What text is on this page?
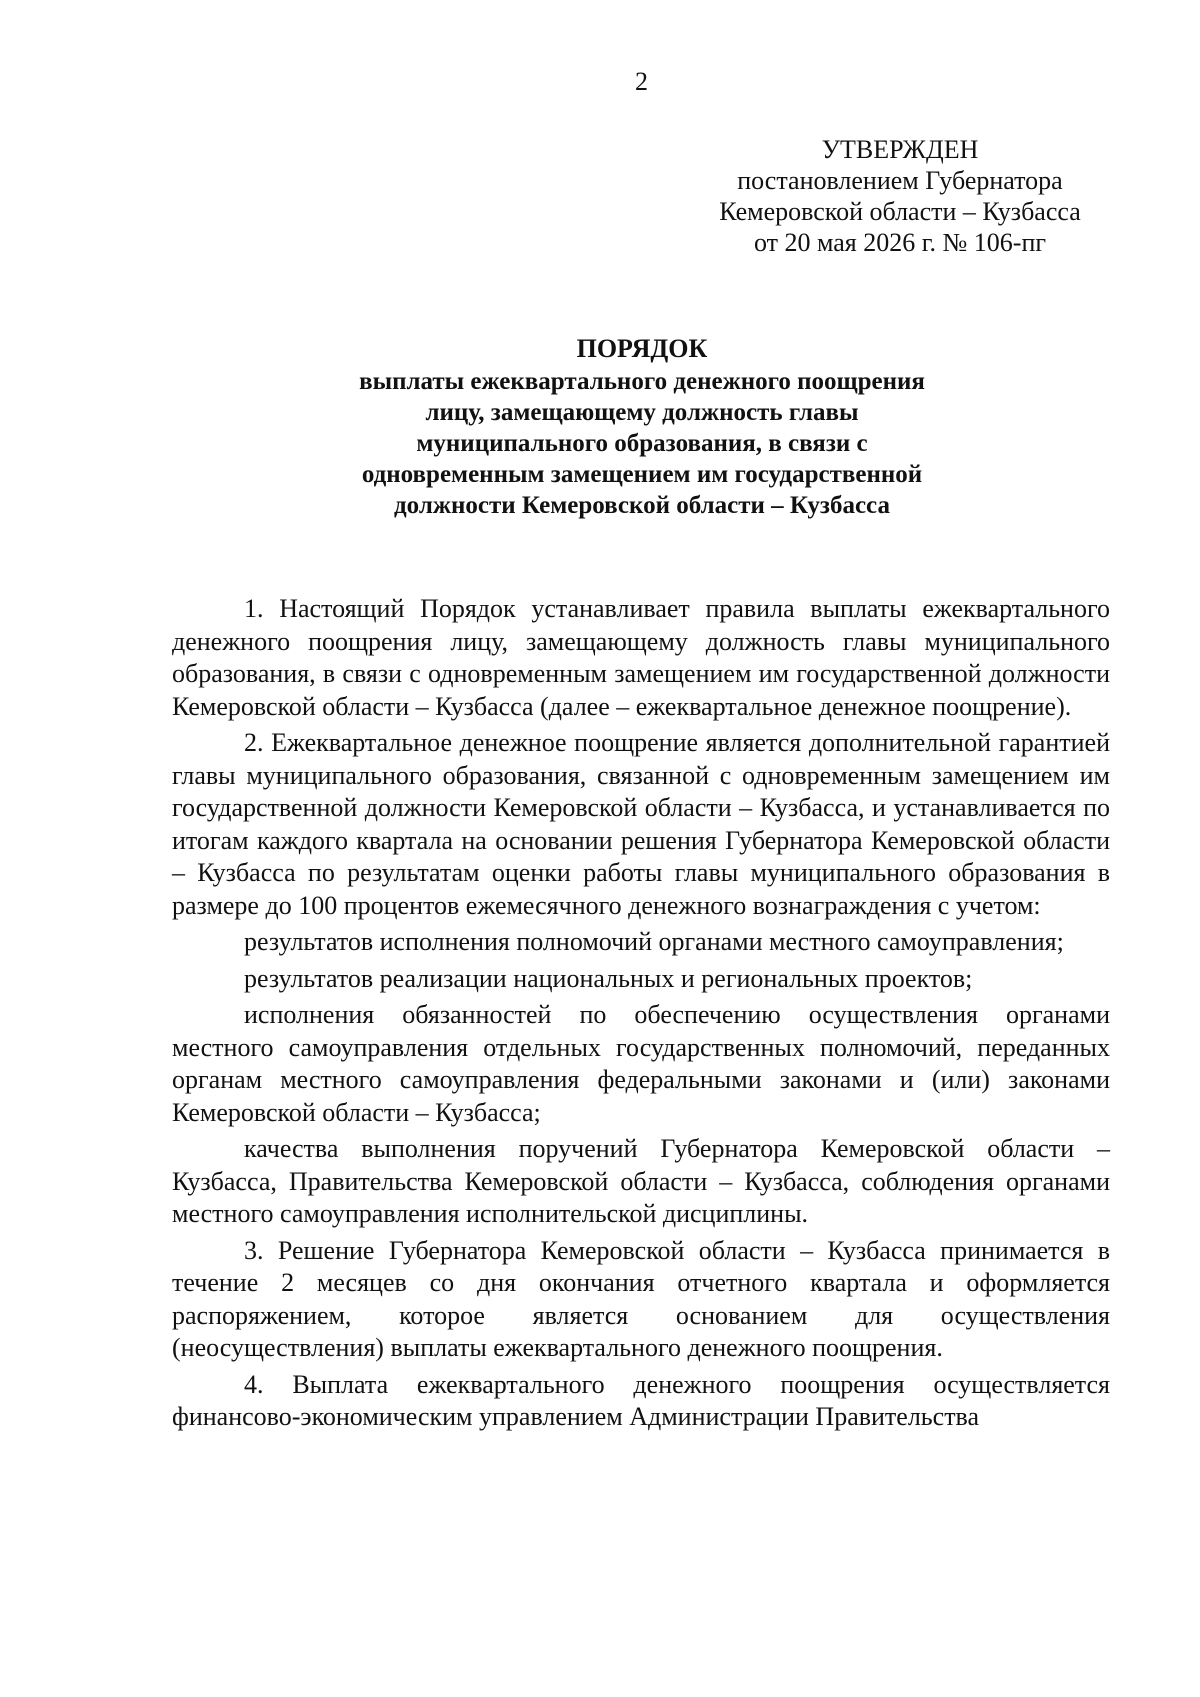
2
УТВЕРЖДЕН
постановлением Губернатора
Кемеровской области – Кузбасса
от 20 мая 2026 г. № 106-пг
ПОРЯДОК
выплаты ежеквартального денежного поощрения
лицу, замещающему должность главы
муниципального образования, в связи с
одновременным замещением им государственной
должности Кемеровской области – Кузбасса

1. Настоящий Порядок устанавливает правила выплаты ежеквартального денежного поощрения лицу, замещающему должность главы муниципального образования, в связи с одновременным замещением им государственной должности Кемеровской области – Кузбасса (далее – ежеквартальное денежное поощрение).

2. Ежеквартальное денежное поощрение является дополнительной гарантией главы муниципального образования, связанной с одновременным замещением им государственной должности Кемеровской области – Кузбасса, и устанавливается по итогам каждого квартала на основании решения Губернатора Кемеровской области – Кузбасса по результатам оценки работы главы муниципального образования в размере до 100 процентов ежемесячного денежного вознаграждения с учетом:

результатов исполнения полномочий органами местного самоуправления;

результатов реализации национальных и региональных проектов;

исполнения обязанностей по обеспечению осуществления органами местного самоуправления отдельных государственных полномочий, переданных органам местного самоуправления федеральными законами и (или) законами Кемеровской области – Кузбасса;

качества выполнения поручений Губернатора Кемеровской области – Кузбасса, Правительства Кемеровской области – Кузбасса, соблюдения органами местного самоуправления исполнительской дисциплины.

3. Решение Губернатора Кемеровской области – Кузбасса принимается в течение 2 месяцев со дня окончания отчетного квартала и оформляется распоряжением, которое является основанием для осуществления (неосуществления) выплаты ежеквартального денежного поощрения.

4. Выплата ежеквартального денежного поощрения осуществляется финансово-экономическим управлением Администрации Правительства
